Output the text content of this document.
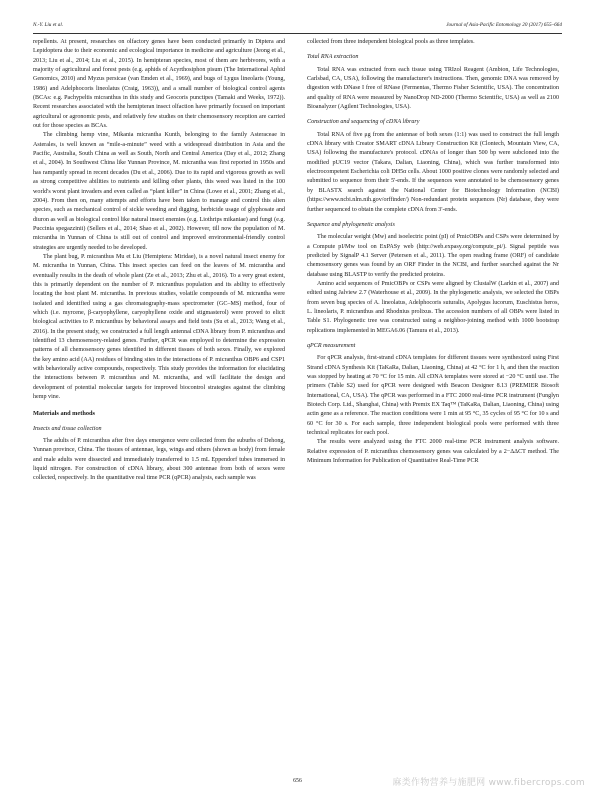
N.-Y. Liu et al.	Journal of Asia-Pacific Entomology 20 (2017) 655–664

repellents. At present, researches on olfactory genes have been conducted primarily in Diptera and Lepidoptera due to their economic and ecological importance in medicine and agriculture (Jeong et al., 2013; Liu et al., 2014; Liu et al., 2015). In hemipteran species, most of them are herbivores, with a majority of agricultural and forest pests (e.g. aphids of Acyrthosiphon pisum (The International Aphid Genomics, 2010) and Myzus persicae (van Emden et al., 1969), and bugs of Lygus lineolaris (Young, 1986) and Adelphocoris lineolatus (Craig, 1963)), and a small number of biological control agents (BCAs: e.g. Pachypeltis micranthus in this study and Geocoris punctipes (Tamaki and Weeks, 1972)). Recent researches associated with the hemipteran insect olfaction have primarily focused on important agricultural or agronomic pests, and relatively few studies on their chemosensory reception are carried out for those species as BCAs.

The climbing hemp vine, Mikania micrantha Kunth, belonging to the family Asteraceae in Asterales, is well known as “mile-a-minute” weed with a widespread distribution in Asia and the Pacific, Australia, South China as well as South, North and Central America (Day et al., 2012; Zhang et al., 2004). In Southwest China like Yunnan Province, M. micrantha was first reported in 1950s and has rampantly spread in recent decades (Du et al., 2006). Due to its rapid and vigorous growth as well as strong competitive abilities to nutrients and killing other plants, this weed was listed in the 100 world's worst plant invaders and even called as “plant killer” in China (Lowe et al., 2001; Zhang et al., 2004). From then on, many attempts and efforts have been taken to manage and control this alien species, such as mechanical control of sickle weeding and digging, herbicide usage of glyphosate and diuron as well as biological control like natural insect enemies (e.g. Liothrips mikaniae) and fungi (e.g. Puccinia spegazzinii) (Sellers et al., 2014; Shao et al., 2002). However, till now the population of M. micrantha in Yunnan of China is still out of control and improved environmental-friendly control strategies are urgently needed to be developed.

The plant bug, P. micranthus Mu et Liu (Hemiptera: Miridae), is a novel natural insect enemy for M. micrantha in Yunnan, China. This insect species can feed on the leaves of M. micrantha and eventually results in the death of whole plant (Ze et al., 2013; Zhu et al., 2016). To a very great extent, this is primarily dependent on the number of P. micranthus population and its ability to effectively locating the host plant M. micrantha. In previous studies, volatile compounds of M. micrantha were isolated and identified using a gas chromatography-mass spectrometer (GC–MS) method, four of which (i.e. myrcene, β-caryophyllene, caryophyllene oxide and stigmasterol) were proved to elicit biological activities to P. micranthus by behavioral assays and field tests (Su et al., 2013; Wang et al., 2016). In the present study, we constructed a full length antennal cDNA library from P. micranthus and identified 13 chemosensory-related genes. Further, qPCR was employed to determine the expression patterns of all chemosensory genes identified in different tissues of both sexes. Finally, we explored the key amino acid (AA) residues of binding sites in the interactions of P. micranthus OBP6 and CSP1 with behaviorally active compounds, respectively. This study provides the information for elucidating the interactions between P. micranthus and M. micrantha, and will facilitate the design and development of potential molecular targets for improved biocontrol strategies against the climbing hemp vine.

Materials and methods
Insects and tissue collection

The adults of P. micranthus after five days emergence were collected from the suburbs of Dehong, Yunnan province, China. The tissues of antennae, legs, wings and others (shown as body) from female and male adults were dissected and immediately transferred to 1.5 mL Eppendorf tubes immersed in liquid nitrogen. For construction of cDNA library, about 300 antennae from both of sexes were collected, respectively. In the quantitative real time PCR (qPCR) analysis, each sample was

collected from three independent biological pools as three templates.

Total RNA extraction

Total RNA was extracted from each tissue using TRIzol Reagent (Ambion, Life Technologies, Carlsbad, CA, USA), following the manufacturer's instructions. Then, genomic DNA was removed by digestion with DNase I free of RNase (Fermentas, Thermo Fisher Scientific, USA). The concentration and quality of RNA were measured by NanoDrop ND-2000 (Thermo Scientific, USA) as well as 2100 Bioanalyzer (Agilent Technologies, USA).

Construction and sequencing of cDNA library

Total RNA of five μg from the antennae of both sexes (1:1) was used to construct the full length cDNA library with Creator SMART cDNA Library Construction Kit (Clontech, Mountain View, CA, USA) following the manufacture's protocol. cDNAs of longer than 500 bp were subcloned into the modified pUC19 vector (Takara, Dalian, Liaoning, China), which was further transformed into electrocompetent Escherichia coli DH5α cells. About 1000 positive clones were randomly selected and submitted to sequence from their 5'-ends. If the sequences were annotated to be chemosensory genes by BLASTX search against the National Center for Biotechnology Information (NCBI) (https://www.ncbi.nlm.nih.gov/orffinder/) Non-redundant protein sequences (Nr) database, they were further sequenced to obtain the complete cDNA from 3'-ends.

Sequence and phylogenetic analysis

The molecular weight (Mw) and isoelectric point (pI) of PmicOBPs and CSPs were determined by a Compute pI/Mw tool on ExPASy web (http://web.expasy.org/compute_pi/). Signal peptide was predicted by SignalP 4.1 Server (Petersen et al., 2011). The open reading frame (ORF) of candidate chemosensory genes was found by an ORF Finder in the NCBI, and further searched against the Nr database using BLASTP to verify the predicted proteins.

Amino acid sequences of PmicOBPs or CSPs were aligned by ClustalW (Larkin et al., 2007) and edited using Jalview 2.7 (Waterhouse et al., 2009). In the phylogenetic analysis, we selected the OBPs from seven bug species of A. lineolatus, Adelphocoris suturalis, Apolygus lucorum, Euschistus heros, L. lineolaris, P. micranthus and Rhodnius prolixus. The accession numbers of all OBPs were listed in Table S1. Phylogenetic tree was constructed using a neighbor-joining method with 1000 bootstrap replications implemented in MEGA6.06 (Tamura et al., 2013).

qPCR measurement

For qPCR analysis, first-strand cDNA templates for different tissues were synthesized using First Strand cDNA Synthesis Kit (TaKaRa, Dalian, Liaoning, China) at 42 °C for 1 h, and then the reaction was stopped by heating at 70 °C for 15 min. All cDNA templates were stored at −20 °C until use. The primers (Table S2) used for qPCR were designed with Beacon Designer 8.13 (PREMIER Biosoft International, CA, USA). The qPCR was performed in a FTC 2000 real-time PCR instrument (Funglyn Biotech Corp. Ltd., Shanghai, China) with Premix EX Taq™ (TaKaRa, Dalian, Liaoning, China) using actin gene as a reference. The reaction conditions were 1 min at 95 °C, 35 cycles of 95 °C for 10 s and 60 °C for 30 s. For each sample, three independent biological pools were performed with three technical replicates for each pool.

The results were analyzed using the FTC 2000 real-time PCR instrument analysis software. Relative expression of P. micranthus chemosensory genes was calculated by a 2−ΔΔCT method. The Minimum Information for Publication of Quantitative Real-Time PCR

656	麻类作物营养与施肥网 www.fibercrops.com
